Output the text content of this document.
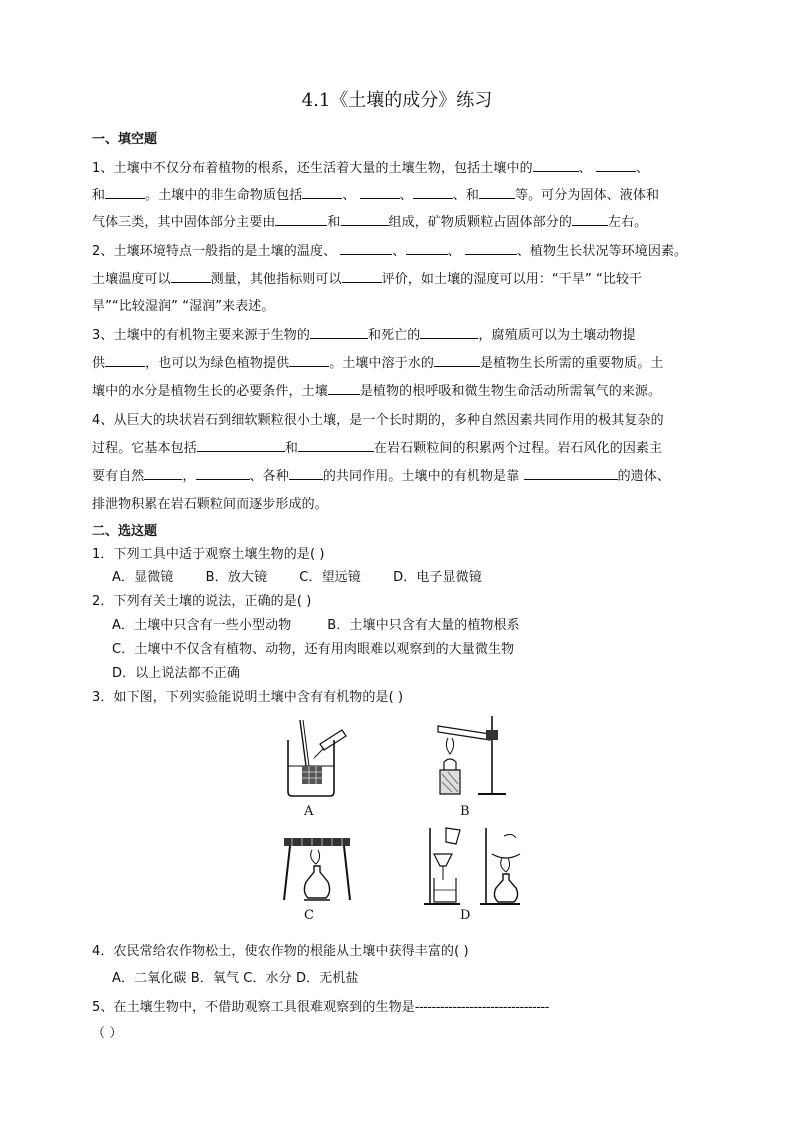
4.1《土壤的成分》练习
一、填空题
1、土壤中不仅分布着植物的根系，还生活着大量的土壤生物，包括土壤中的	、	、
和	。土壤中的非生命物质包括	、	、	、和	等。可分为固体、液体和
气体三类，其中固体部分主要由	和	组成，矿物质颗粒占固体部分的	左右。
2、土壤环境特点一般指的是土壤的温度、	、	、	、植物生长状况等环境因素。
土壤温度可以	测量，其他指标则可以	评价，如土壤的湿度可以用：“干旱” “比较干
旱”“比较湿润” “湿润”来表述。
3、土壤中的有机物主要来源于生物的	和死亡的	，腐殖质可以为土壤动物提
供	，也可以为绿色植物提供	。土壤中溶于水的	是植物生长所需的重要物质。土
壤中的水分是植物生长的必要条件，土壤 是植物的根呼吸和微生物生命活动所需氧气的来源。
4、从巨大的块状岩石到细软颗粒很小土壤，是一个长时期的，多种自然因素共同作用的极其复杂的
过程。它基本包括	和	在岩石颗粒间的积累两个过程。岩石风化的因素主
要有自然	，	、各种	的共同作用。土壤中的有机物是靠	的遗体、
排泄物积累在岩石颗粒间而逐步形成的。
二、选这题
1．下列工具中适于观察土壤生物的是( )
A．显微镜 B．放大镜 C．望远镜 D．电子显微镜
2．下列有关土壤的说法，正确的是( )
A．土壤中只含有一些小型动物	B．土壤中只含有大量的植物根系
C．土壤中不仅含有植物、动物，还有用肉眼难以观察到的大量微生物
D．以上说法都不正确
3．如下图，下列实验能说明土壤中含有有机物的是( )
A	B
C	D
4．农民常给农作物松土，使农作物的根能从土壤中获得丰富的( )
A．二氧化碳 B．氧气 C．水分 D．无机盐
5、在土壤生物中，不借助观察工具很难观察到的生物是--------------------------------
（ ）
